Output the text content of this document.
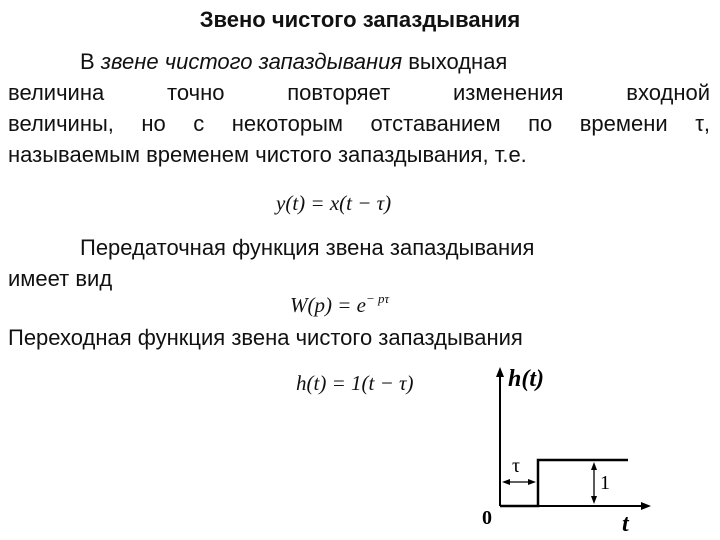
Звено чистого запаздывания
В звене чистого запаздывания выходная
величина точно повторяет изменения входной
величины, но с некоторым отставанием по времени τ,
называемым временем чистого запаздывания, т.е.
y(t) = x(t − τ)
Передаточная функция звена запаздывания
имеет вид
$W(p) = e^{- p\tau}$
Переходная функция звена чистого запаздывания
h(t) = 1(t − τ)	h(t)
t
0
τ
1
